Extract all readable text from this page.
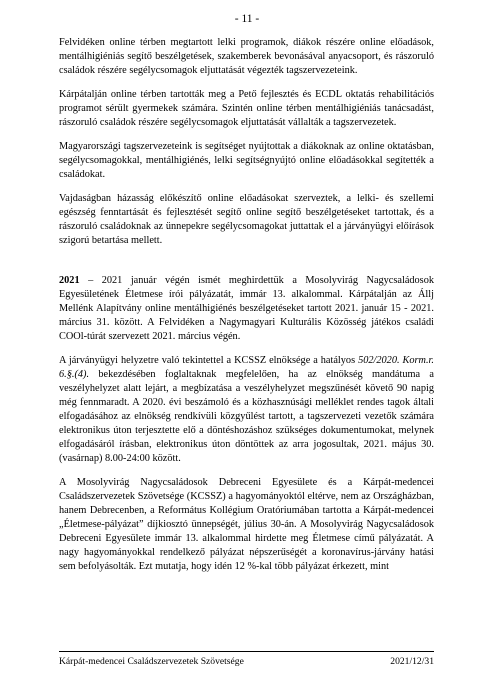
- 11 -

Felvidéken online térben megtartott lelki programok, diákok részére online előadások, mentálhigiéniás segítő beszélgetések, szakemberek bevonásával anyacsoport, és rászoruló családok részére segélycsomagok eljuttatását végezték tagszervezeteink.

Kárpátalján online térben tartották meg a Pető fejlesztés és ECDL oktatás rehabilitációs programot sérült gyermekek számára. Szintén online térben mentálhigiéniás tanácsadást, rászoruló családok részére segélycsomagok eljuttatását vállalták a tagszervezetek.

Magyarországi tagszervezeteink is segítséget nyújtottak a diákoknak az online oktatásban, segélycsomagokkal, mentálhigiénés, lelki segítségnyújtó online előadásokkal segítették a családokat.

Vajdaságban házasság előkészítő online előadásokat szerveztek, a lelki- és szellemi egészség fenntartását és fejlesztését segítő online segítő beszélgetéseket tartottak, és a rászoruló családoknak az ünnepekre segélycsomagokat juttattak el a járványügyi előírások szigorú betartása mellett.

2021 – 2021 január végén ismét meghirdettük a Mosolyvirág Nagycsaládosok Egyesületének Életmese írói pályázatát, immár 13. alkalommal. Kárpátalján az Állj Mellénk Alapítvány online mentálhigiénés beszélgetéseket tartott 2021. január 15 - 2021. március 31. között. A Felvidéken a Nagymagyari Kulturális Közösség játékos családi COOl-túrát szervezett 2021. március végén.

A járványügyi helyzetre való tekintettel a KCSSZ elnöksége a hatályos 502/2020. Korm.r. 6.§.(4). bekezdésében foglaltaknak megfelelően, ha az elnökség mandátuma a veszélyhelyzet alatt lejárt, a megbízatása a veszélyhelyzet megszűnését követő 90 napig még fennmaradt. A 2020. évi beszámoló és a közhasznúsági melléklet rendes tagok általi elfogadásához az elnökség rendkívüli közgyűlést tartott, a tagszervezeti vezetők számára elektronikus úton terjesztette elő a döntéshozáshoz szükséges dokumentumokat, melynek elfogadásáról írásban, elektronikus úton döntöttek az arra jogosultak, 2021. május 30. (vasárnap) 8.00-24:00 között.

A Mosolyvirág Nagycsaládosok Debreceni Egyesülete és a Kárpát-medencei Családszervezetek Szövetsége (KCSSZ) a hagyományoktól eltérve, nem az Országházban, hanem Debrecenben, a Református Kollégium Oratóriumában tartotta a Kárpát-medencei „Életmese-pályázat” díjkiosztó ünnepségét, július 30-án. A Mosolyvirág Nagycsaládosok Debreceni Egyesülete immár 13. alkalommal hirdette meg Életmese című pályázatát. A nagy hagyományokkal rendelkező pályázat népszerűségét a koronavírus-járvány hatási sem befolyásolták. Ezt mutatja, hogy idén 12 %-kal több pályázat érkezett, mint

Kárpát-medencei Családszervezetek Szövetsége	2021/12/31
